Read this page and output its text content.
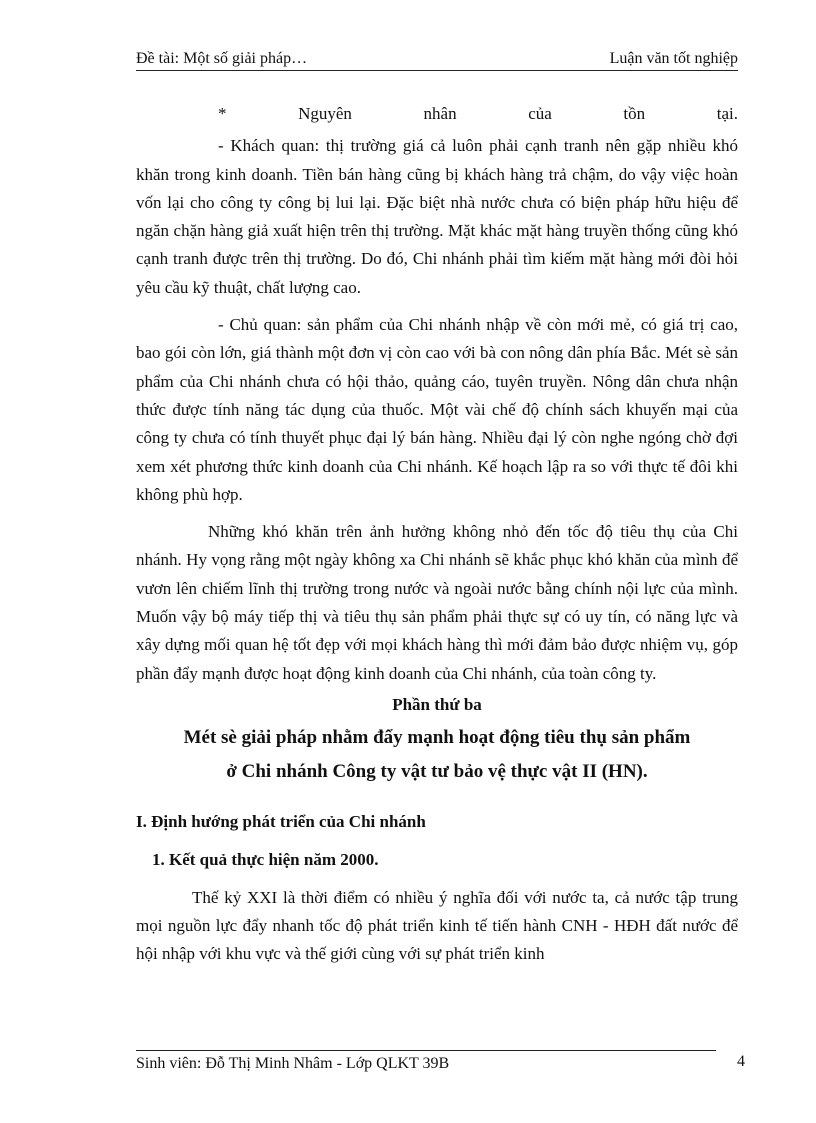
Đề tài: Một số giải pháp…	Luận văn tốt nghiệp
*	Nguyên	nhân	của	tồn	tại.

- Khách quan: thị trường giá cả luôn phải cạnh tranh nên gặp nhiều khó khăn trong kinh doanh. Tiền bán hàng cũng bị khách hàng trả chậm, do vậy việc hoàn vốn lại cho công ty công bị lui lại. Đặc biệt nhà nước chưa có biện pháp hữu hiệu để ngăn chặn hàng giả xuất hiện trên thị trường. Mặt khác mặt hàng truyền thống cũng khó cạnh tranh được trên thị trường. Do đó, Chi nhánh phải tìm kiếm mặt hàng mới đòi hỏi yêu cầu kỹ thuật, chất lượng cao.

- Chủ quan: sản phẩm của Chi nhánh nhập về còn mới mẻ, có giá trị cao, bao gói còn lớn, giá thành một đơn vị còn cao với bà con nông dân phía Bắc. Mét sè sản phẩm của Chi nhánh chưa có hội thảo, quảng cáo, tuyên truyền. Nông dân chưa nhận thức được tính năng tác dụng của thuốc. Một vài chế độ chính sách khuyến mại của công ty chưa có tính thuyết phục đại lý bán hàng. Nhiều đại lý còn nghe ngóng chờ đợi xem xét phương thức kinh doanh của Chi nhánh. Kế hoạch lập ra so với thực tế đôi khi không phù hợp.

Những khó khăn trên ảnh hưởng không nhỏ đến tốc độ tiêu thụ của Chi nhánh. Hy vọng rằng một ngày không xa Chi nhánh sẽ khắc phục khó khăn của mình để vươn lên chiếm lĩnh thị trường trong nước và ngoài nước bằng chính nội lực của mình. Muốn vậy bộ máy tiếp thị và tiêu thụ sản phẩm phải thực sự có uy tín, có năng lực và xây dựng mối quan hệ tốt đẹp với mọi khách hàng thì mới đảm bảo được nhiệm vụ, góp phần đẩy mạnh được hoạt động kinh doanh của Chi nhánh, của toàn công ty.

Phần thứ ba

Mét sè giải pháp nhằm đẩy mạnh hoạt động tiêu thụ sản phẩm

ở Chi nhánh Công ty vật tư bảo vệ thực vật II (HN).

I. Định hướng phát triển của Chi nhánh

1. Kết quả thực hiện năm 2000.

Thế kỷ XXI là thời điểm có nhiều ý nghĩa đối với nước ta, cả nước tập trung mọi nguồn lực đẩy nhanh tốc độ phát triển kinh tế tiến hành CNH - HĐH đất nước để hội nhập với khu vực và thế giới cùng với sự phát triển kinh

Sinh viên: Đỗ Thị Minh Nhâm - Lớp QLKT 39B	4
